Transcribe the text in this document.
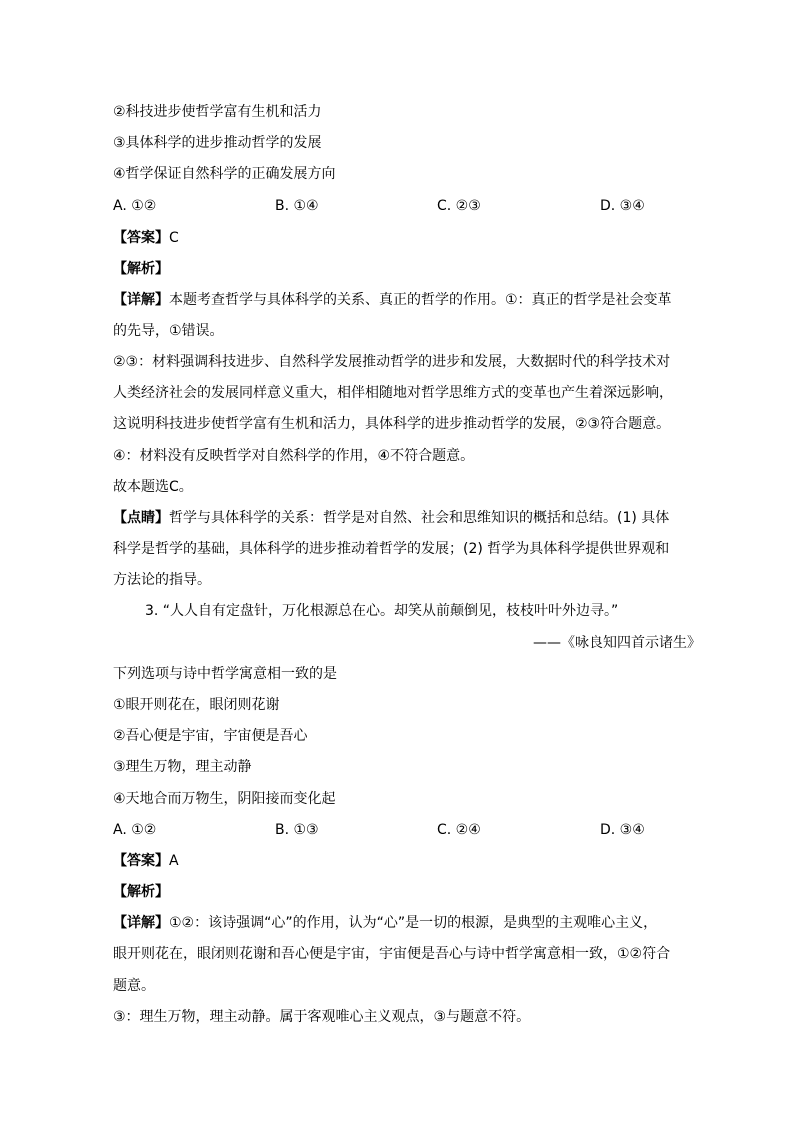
②科技进步使哲学富有生机和活力
③具体科学的进步推动哲学的发展
④哲学保证自然科学的正确发展方向
A. ①②	B. ①④	C. ②③	D. ③④
【答案】C
【解析】
【详解】本题考查哲学与具体科学的关系、真正的哲学的作用。①：真正的哲学是社会变革
的先导，①错误。
②③：材料强调科技进步、自然科学发展推动哲学的进步和发展，大数据时代的科学技术对
人类经济社会的发展同样意义重大，相伴相随地对哲学思维方式的变革也产生着深远影响，
这说明科技进步使哲学富有生机和活力，具体科学的进步推动哲学的发展，②③符合题意。
④：材料没有反映哲学对自然科学的作用，④不符合题意。
故本题选C。
【点睛】哲学与具体科学的关系：哲学是对自然、社会和思维知识的概括和总结。(1) 具体
科学是哲学的基础，具体科学的进步推动着哲学的发展；(2) 哲学为具体科学提供世界观和
方法论的指导。
3. “人人自有定盘针，万化根源总在心。却笑从前颠倒见，枝枝叶叶外边寻。”
——《咏良知四首示诸生》
下列选项与诗中哲学寓意相一致的是
①眼开则花在，眼闭则花谢
②吾心便是宇宙，宇宙便是吾心
③理生万物，理主动静
④天地合而万物生，阴阳接而变化起
A. ①②	B. ①③	C. ②④	D. ③④
【答案】A
【解析】
【详解】①②：该诗强调“心”的作用，认为“心”是一切的根源，是典型的主观唯心主义，
眼开则花在，眼闭则花谢和吾心便是宇宙，宇宙便是吾心与诗中哲学寓意相一致，①②符合
题意。
③：理生万物，理主动静。属于客观唯心主义观点，③与题意不符。
